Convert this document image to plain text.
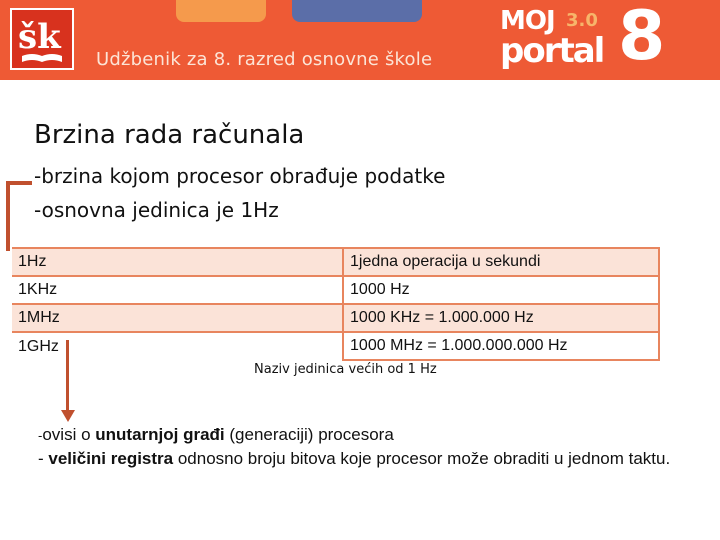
šk
Udžbenik za 8. razred osnovne škole
MOJ 3.0
portal 8
Brzina rada računala
-brzina kojom procesor obrađuje podatke
-osnovna jedinica je 1Hz
1Hz	1jedna operacija u sekundi
1KHz	1000 Hz
1MHz	1000 KHz = 1.000.000 Hz
1GHz	1000 MHz = 1.000.000.000 Hz
Naziv jedinica većih od 1 Hz
-ovisi o unutarnjoj građi (generaciji) procesora
- veličini registra odnosno broju bitova koje procesor može obraditi u jednom taktu.
